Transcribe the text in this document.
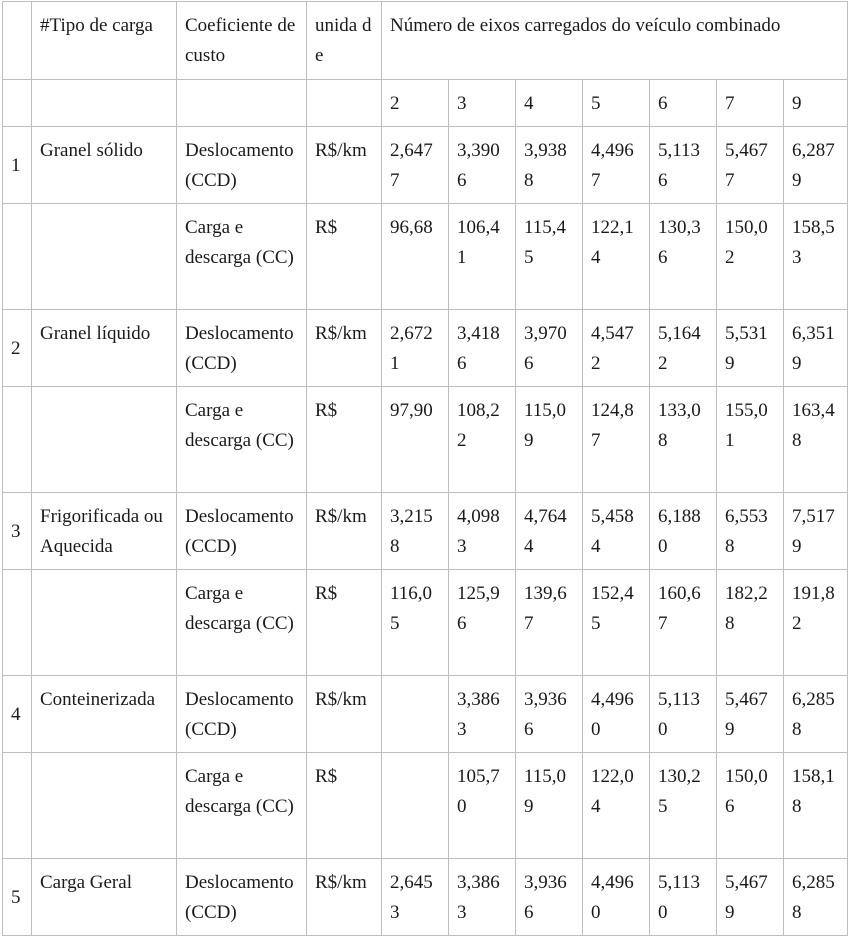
	#Tipo de carga	Coeficiente de custo	unida de	Número de eixos carregados do veículo combinado						
				2	3	4	5	6	7	9
1	Granel sólido	Deslocamento (CCD)	R$/km	2,6477	3,3906	3,9388	4,4967	5,1136	5,4677	6,2879
		Carga e descarga (CC)	R$	96,68	106,41	115,45	122,14	130,36	150,02	158,53
2	Granel líquido	Deslocamento (CCD)	R$/km	2,6721	3,4186	3,9706	4,5472	5,1642	5,5319	6,3519
		Carga e descarga (CC)	R$	97,90	108,22	115,09	124,87	133,08	155,01	163,48
3	Frigorificada ou Aquecida	Deslocamento (CCD)	R$/km	3,2158	4,0983	4,7644	5,4584	6,1880	6,5538	7,5179
		Carga e descarga (CC)	R$	116,05	125,96	139,67	152,45	160,67	182,28	191,82
4	Conteinerizada	Deslocamento (CCD)	R$/km		3,3863	3,9366	4,4960	5,1130	5,4679	6,2858
		Carga e descarga (CC)	R$		105,70	115,09	122,04	130,25	150,06	158,18
5	Carga Geral	Deslocamento (CCD)	R$/km	2,6453	3,3863	3,9366	4,4960	5,1130	5,4679	6,2858
